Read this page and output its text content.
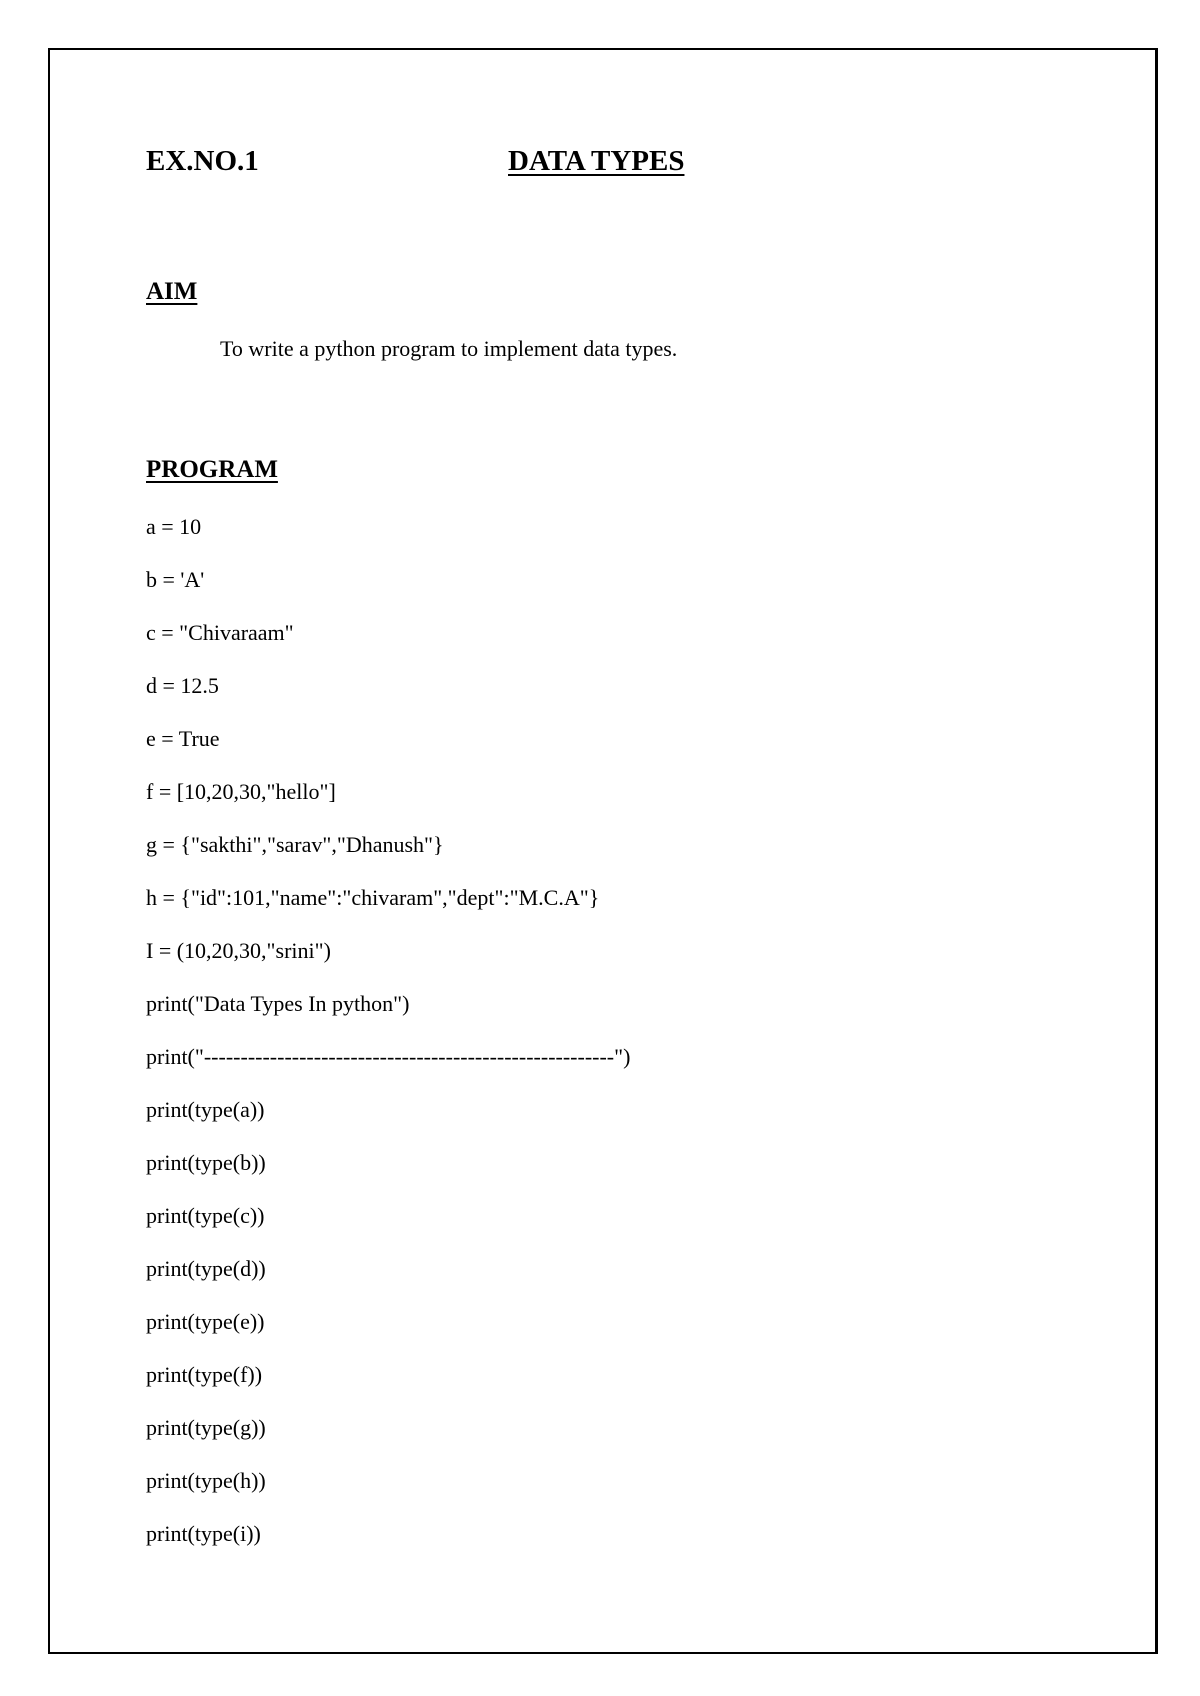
EX.NO.1	DATA TYPES
AIM
To write a python program to implement data types.
PROGRAM
a = 10
b = 'A'
c = "Chivaraam"
d = 12.5
e = True
f = [10,20,30,"hello"]
g = {"sakthi","sarav","Dhanush"}
h = {"id":101,"name":"chivaram","dept":"M.C.A"}
I = (10,20,30,"srini")
print("Data Types In python")
print("--------------------------------------------------------")
print(type(a))
print(type(b))
print(type(c))
print(type(d))
print(type(e))
print(type(f))
print(type(g))
print(type(h))
print(type(i))
